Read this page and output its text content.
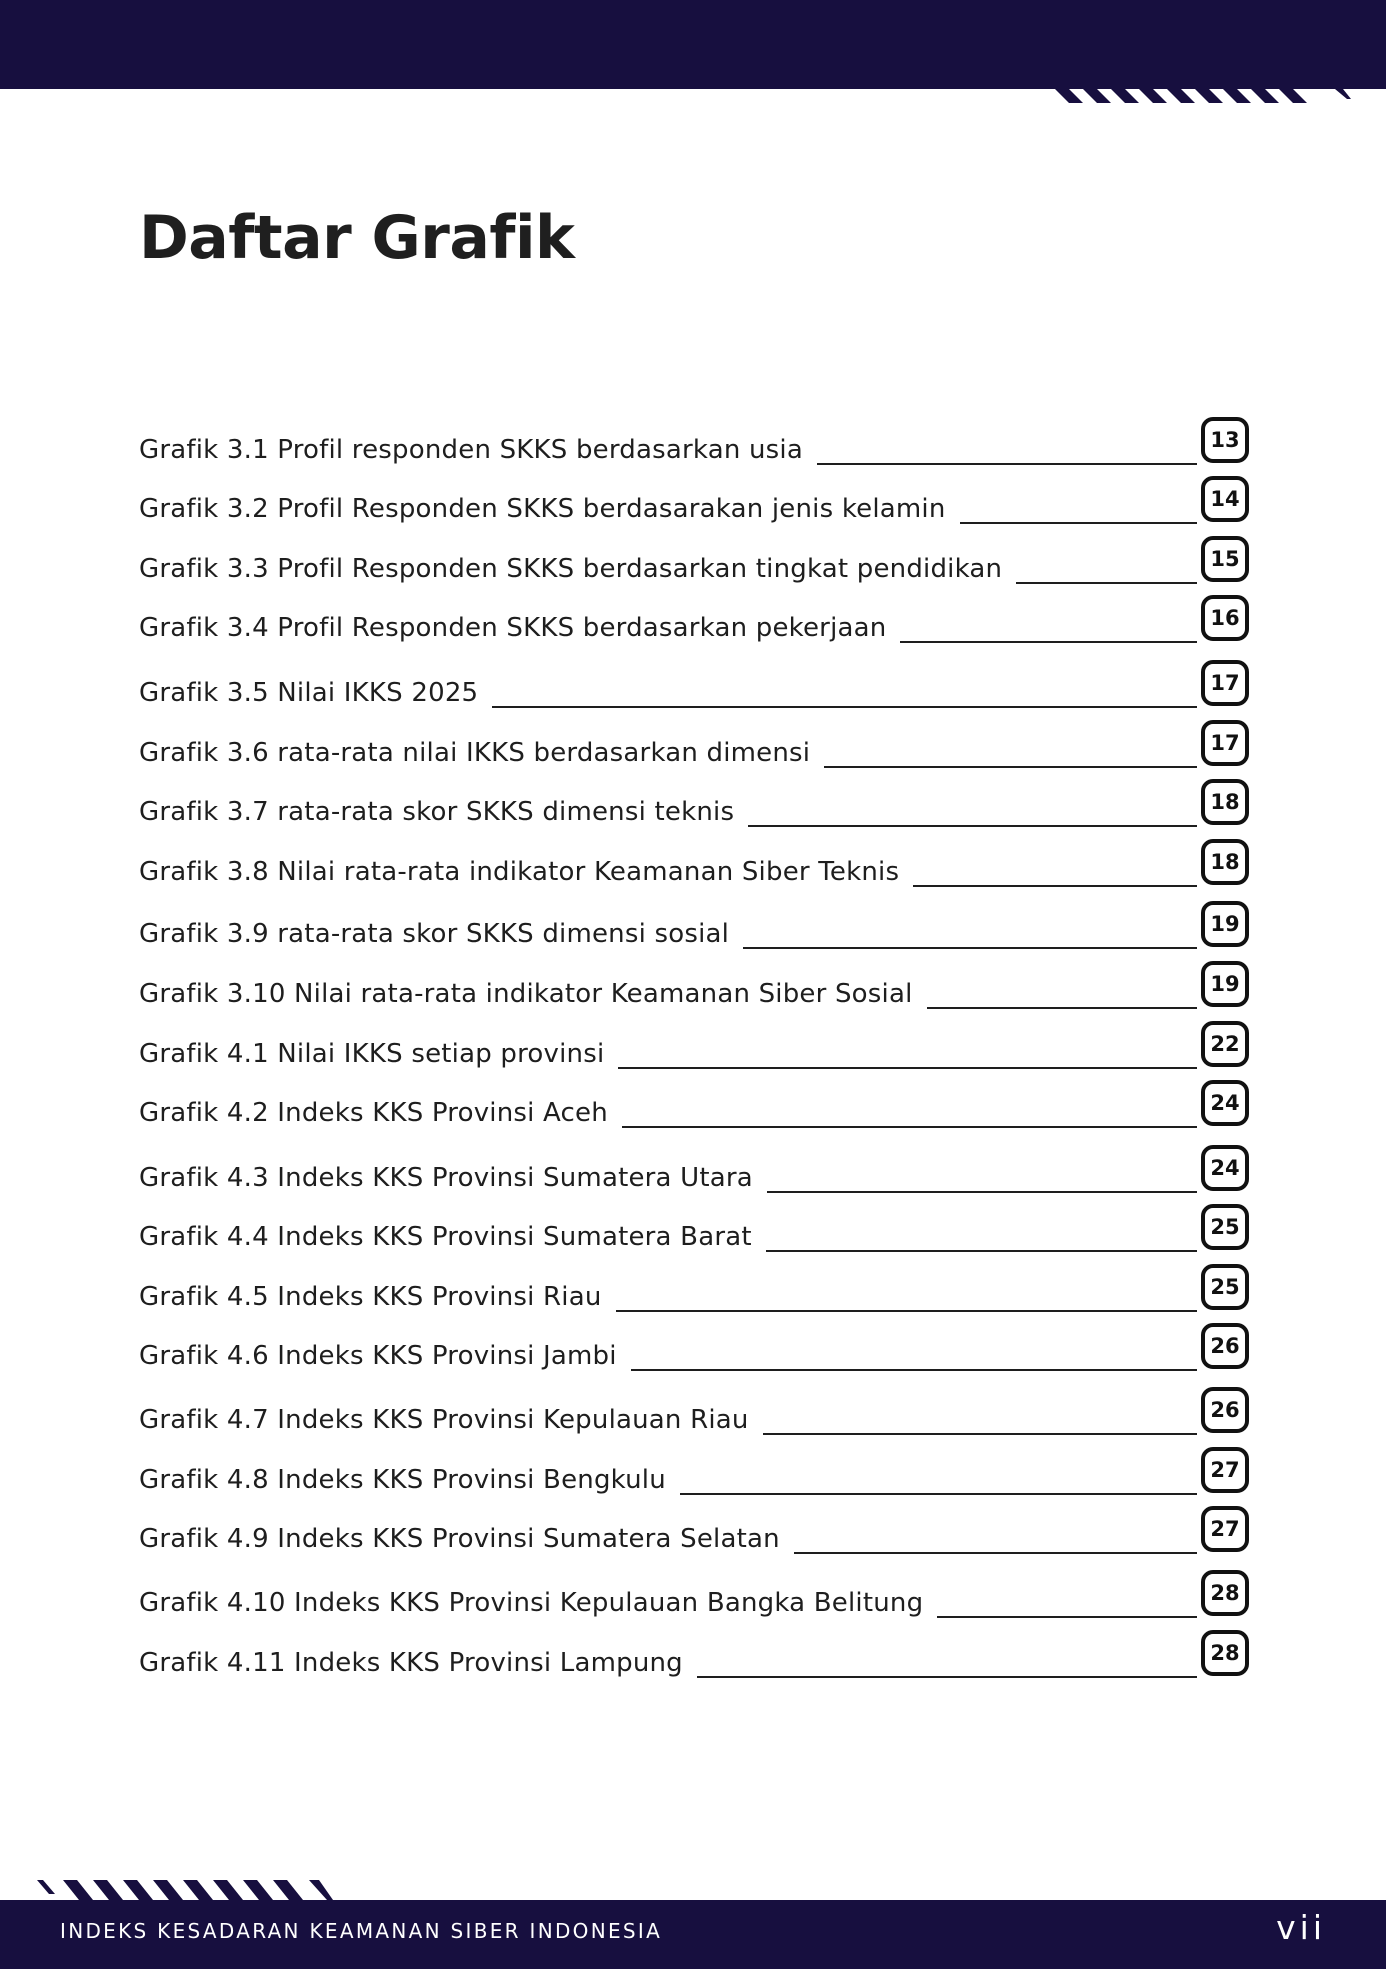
Daftar Grafik
Grafik 3.1 Profil responden SKKS berdasarkan usia	13
Grafik 3.2 Profil Responden SKKS berdasarakan jenis kelamin	14
Grafik 3.3 Profil Responden SKKS berdasarkan tingkat pendidikan	15
Grafik 3.4 Profil Responden SKKS berdasarkan pekerjaan	16
Grafik 3.5 Nilai IKKS 2025	17
Grafik 3.6 rata-rata nilai IKKS berdasarkan dimensi	17
Grafik 3.7 rata-rata skor SKKS dimensi teknis	18
Grafik 3.8 Nilai rata-rata indikator Keamanan Siber Teknis	18
Grafik 3.9 rata-rata skor SKKS dimensi sosial	19
Grafik 3.10 Nilai rata-rata indikator Keamanan Siber Sosial	19
Grafik 4.1 Nilai IKKS setiap provinsi	22
Grafik 4.2 Indeks KKS Provinsi Aceh	24
Grafik 4.3 Indeks KKS Provinsi Sumatera Utara	24
Grafik 4.4 Indeks KKS Provinsi Sumatera Barat	25
Grafik 4.5 Indeks KKS Provinsi Riau	25
Grafik 4.6 Indeks KKS Provinsi Jambi	26
Grafik 4.7 Indeks KKS Provinsi Kepulauan Riau	26
Grafik 4.8 Indeks KKS Provinsi Bengkulu	27
Grafik 4.9 Indeks KKS Provinsi Sumatera Selatan	27
Grafik 4.10 Indeks KKS Provinsi Kepulauan Bangka Belitung	28
Grafik 4.11 Indeks KKS Provinsi Lampung	28
INDEKS KESADARAN KEAMANAN SIBER INDONESIA	vii
